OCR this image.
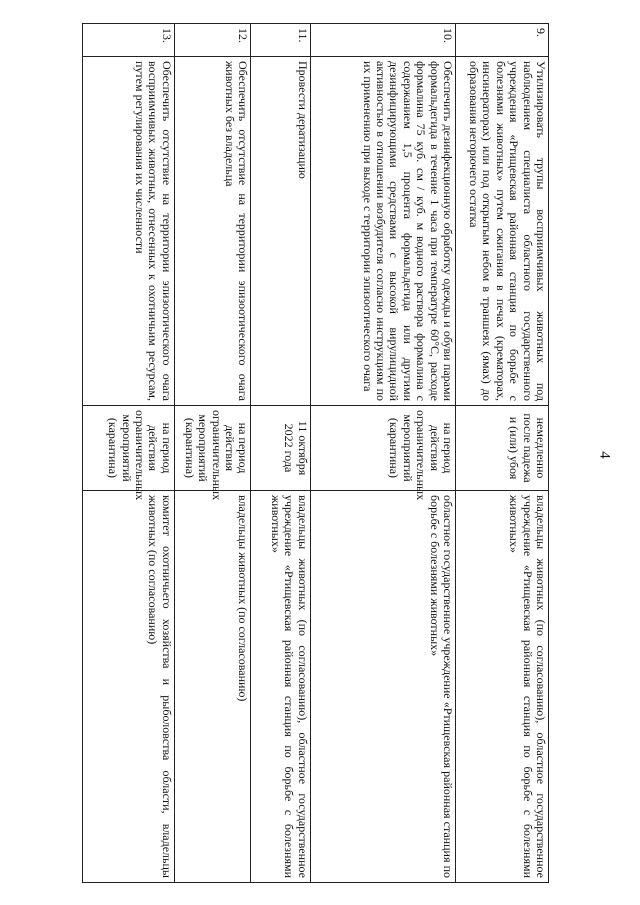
4
9.	Утилизировать трупы восприимчивых животных под наблюдением специалиста областного государственного учреждения «Ртищевская районная станция по борьбе с болезнями животных» путем сжигания в печах (крематорах, инсинераторах) или под открытым небом в траншеях (ямах) до образования негорючего остатка	немедленно после падежа и (или) убоя	владельцы животных (по согласованию), областное государственное учреждение «Ртищевская районная станция по борьбе с болезнями животных»
10.	Обеспечить дезинфекционную обработку одежды и обуви парами формальдегида в течение 1 часа при температуре 60°С, расходе формалина 75 куб. см / куб. м водного раствора формалина с содержанием 1,5 процента формальдегида или другими дезинфицирующими средствами с высокой вирулицидной активностью в отношении возбудителя согласно инструкциям по их применению при выходе с территории эпизоотического очага	на период действия ограничительных мероприятий (карантина)	областное государственное учреждение «Ртищевская районная станция по борьбе с болезнями животных»
11.	Провести дератизацию	11 октября 2022 года	владельцы животных (по согласованию), областное государственное учреждение «Ртищевская районная станция по борьбе с болезнями животных»
12.	Обеспечить отсутствие на территории эпизоотического очага животных без владельца	на период действия ограничительных мероприятий (карантина)	владельцы животных (по согласованию)
13.	Обеспечить отсутствие на территории эпизоотического очага восприимчивых животных, отнесенных к охотничьим ресурсам, путем регулирования их численности	на период действия ограничительных мероприятий (карантина)	комитет охотничьего хозяйства и рыболовства области, владельцы животных (по согласованию)
